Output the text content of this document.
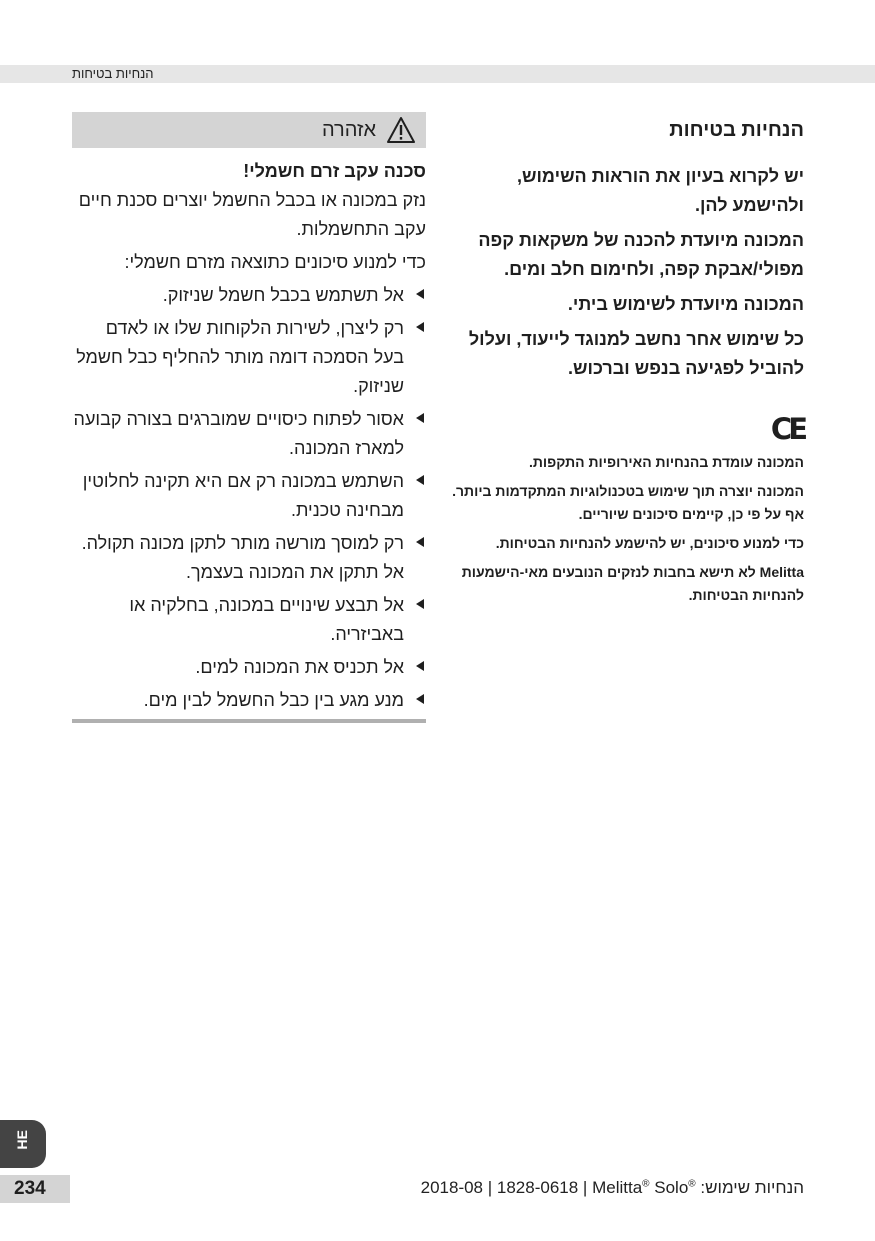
הנחיות בטיחות
הנחיות בטיחות

יש לקרוא בעיון את הוראות השימוש, ולהישמע להן.

המכונה מיועדת להכנה של משקאות קפה מפולי/אבקת קפה, ולחימום חלב ומים.

המכונה מיועדת לשימוש ביתי.

כל שימוש אחר נחשב למנוגד לייעוד, ועלול להוביל לפגיעה בנפש וברכוש.

CE

המכונה עומדת בהנחיות האירופיות התקפות.

המכונה יוצרה תוך שימוש בטכנולוגיות המתקדמות ביותר. אף על פי כן, קיימים סיכונים שיוריים.

כדי למנוע סיכונים, יש להישמע להנחיות הבטיחות.

Melitta לא תישא בחבות לנזקים הנובעים מאי-הישמעות להנחיות הבטיחות.

אזהרה
סכנה עקב זרם חשמלי!

נזק במכונה או בכבל החשמל יוצרים סכנת חיים עקב התחשמלות.

כדי למנוע סיכונים כתוצאה מזרם חשמלי:

אל תשתמש בכבל חשמל שניזוק.
רק ליצרן, לשירות הלקוחות שלו או לאדם בעל הסמכה דומה מותר להחליף כבל חשמל שניזוק.
אסור לפתוח כיסויים שמוברגים בצורה קבועה למארז המכונה.
השתמש במכונה רק אם היא תקינה לחלוטין מבחינה טכנית.
רק למוסך מורשה מותר לתקן מכונה תקולה. אל תתקן את המכונה בעצמך.
אל תבצע שינויים במכונה, בחלקיה או באביזריה.
אל תכניס את המכונה למים.
מנע מגע בין כבל החשמל לבין מים.
HE
234	2018-08 | 1828-0618 | Melitta® Solo® הנחיות שימוש:
